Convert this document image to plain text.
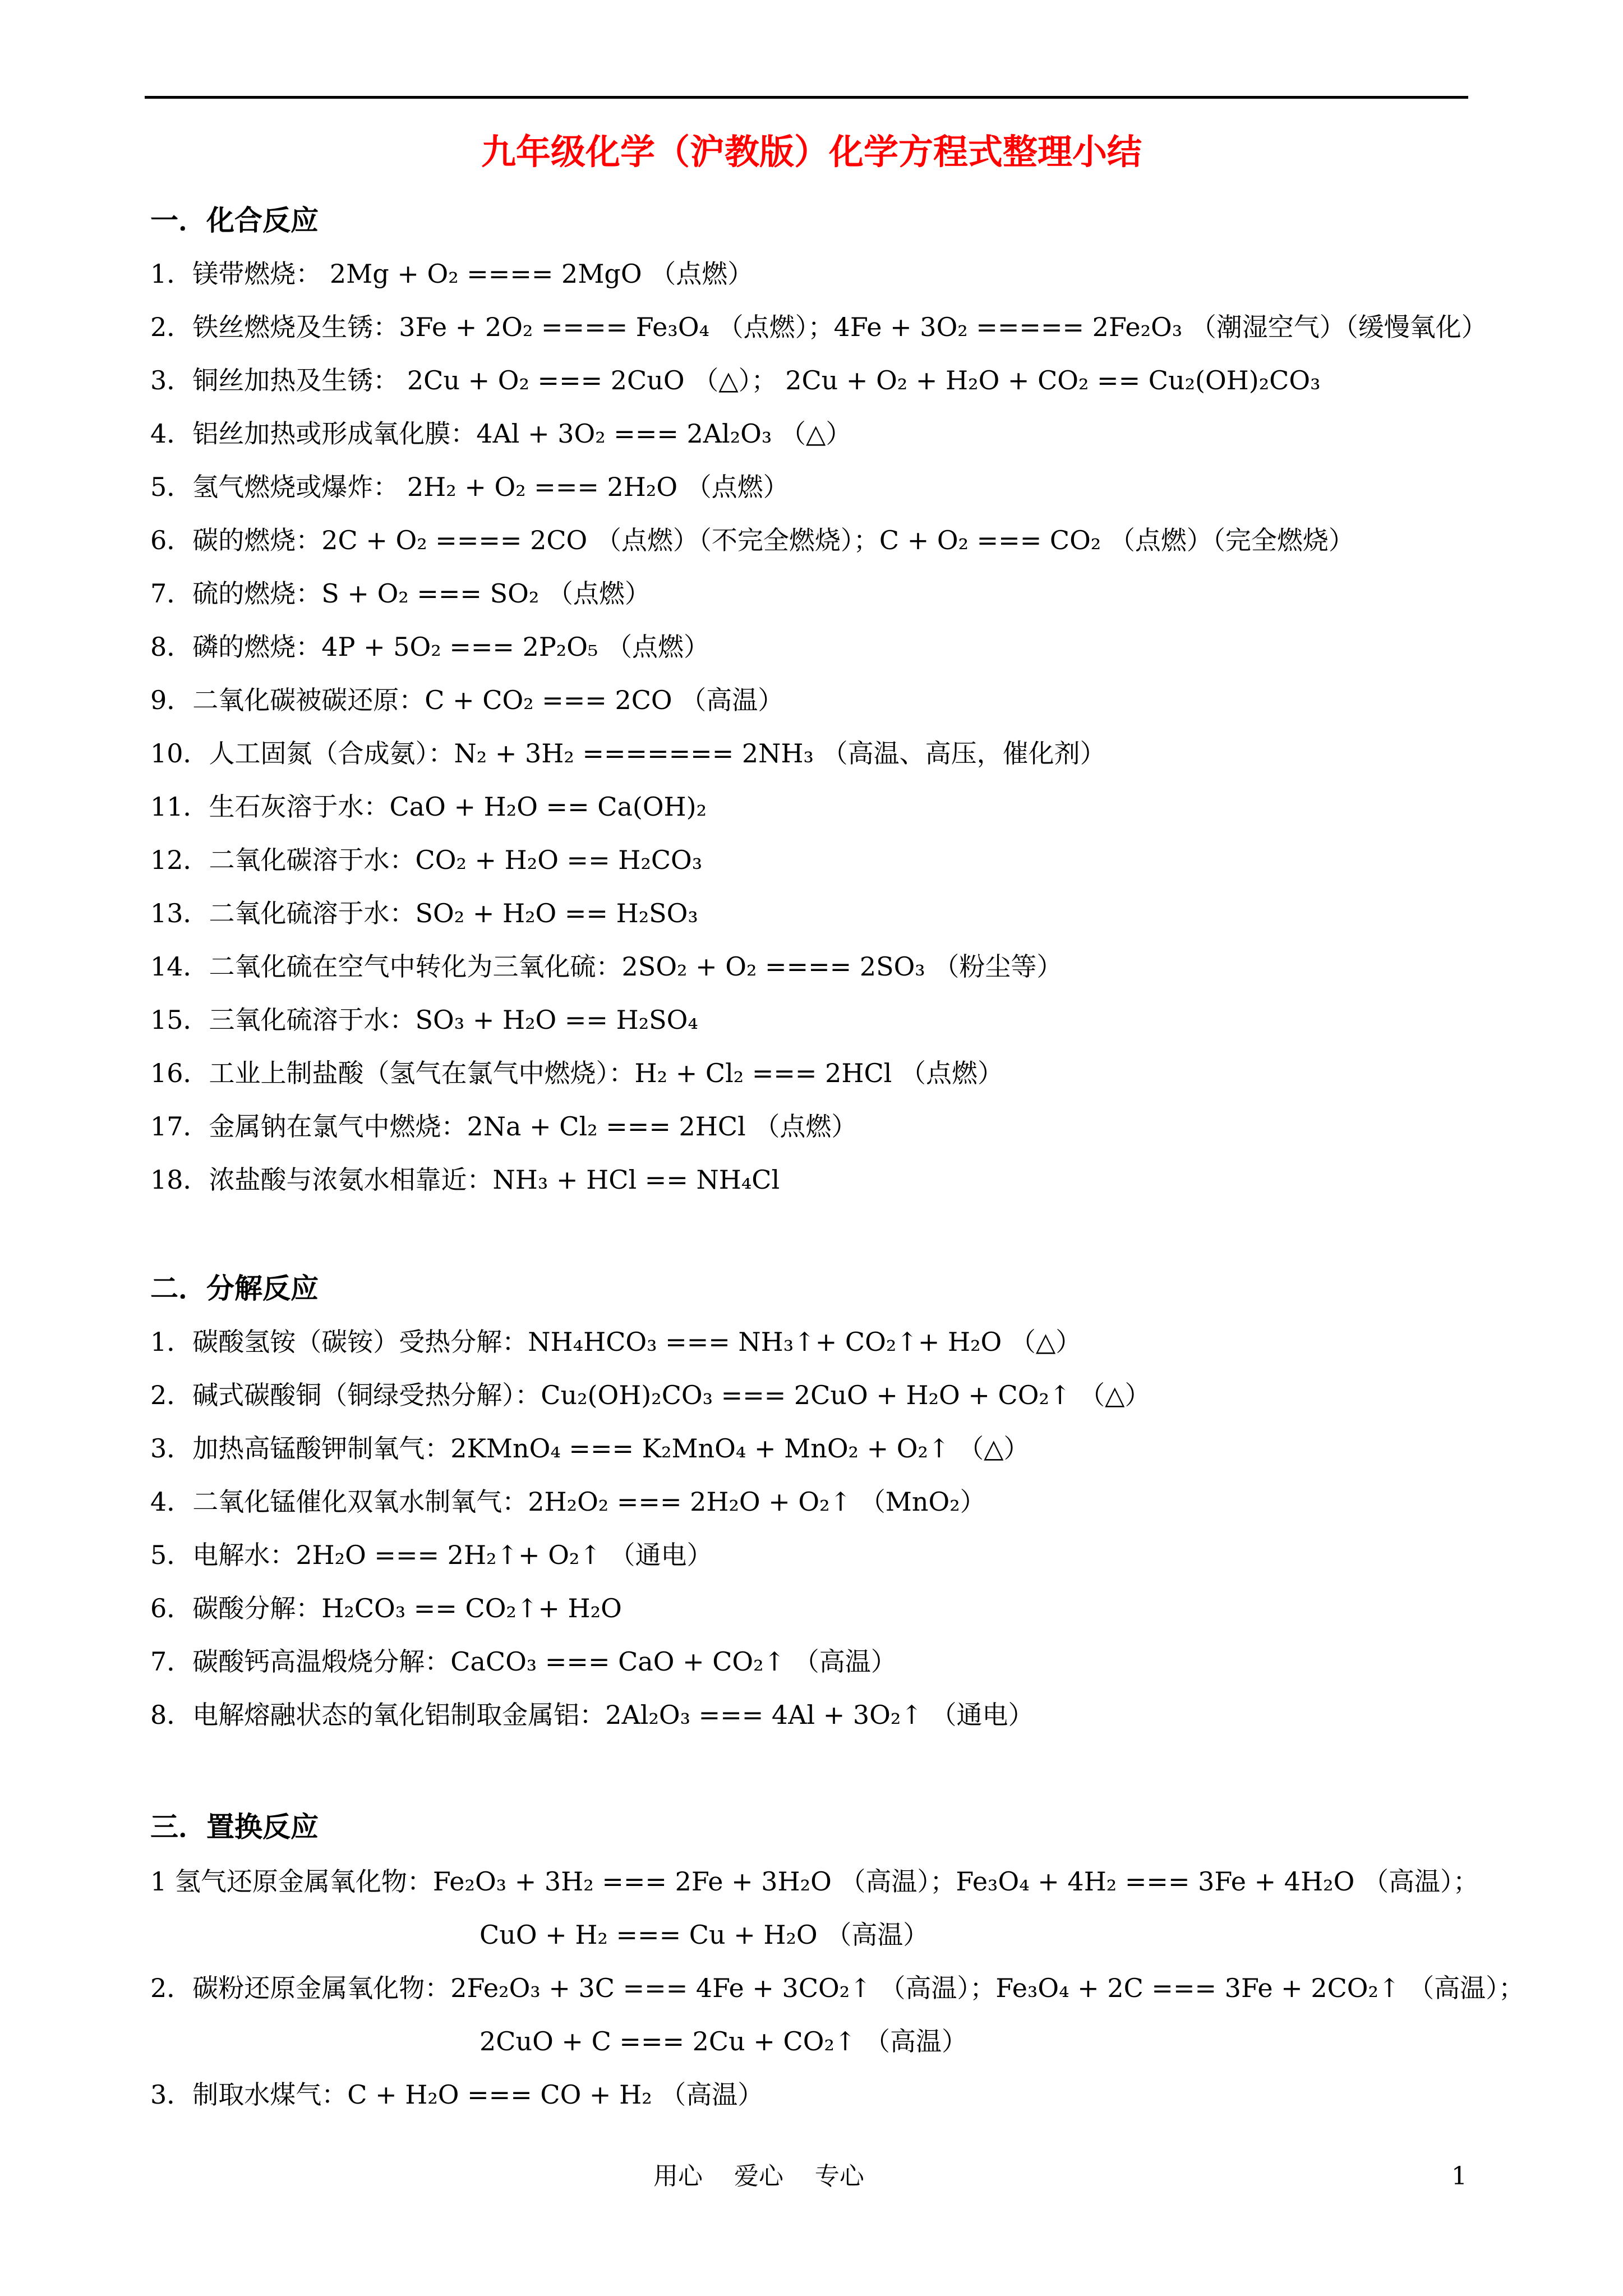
九年级化学（沪教版）化学方程式整理小结
一．化合反应
1．镁带燃烧： 2Mg + O₂ ==== 2MgO （点燃）
2．铁丝燃烧及生锈：3Fe + 2O₂ ==== Fe₃O₄ （点燃）；4Fe + 3O₂ ===== 2Fe₂O₃ （潮湿空气）（缓慢氧化）
3．铜丝加热及生锈： 2Cu + O₂ === 2CuO （△）； 2Cu + O₂ + H₂O + CO₂ == Cu₂(OH)₂CO₃
4．铝丝加热或形成氧化膜：4Al + 3O₂ === 2Al₂O₃ （△）
5．氢气燃烧或爆炸： 2H₂ + O₂ === 2H₂O （点燃）
6．碳的燃烧：2C + O₂ ==== 2CO （点燃）（不完全燃烧）；C + O₂ === CO₂ （点燃）（完全燃烧）
7．硫的燃烧：S + O₂ === SO₂ （点燃）
8．磷的燃烧：4P + 5O₂ === 2P₂O₅ （点燃）
9．二氧化碳被碳还原：C + CO₂ === 2CO （高温）
10．人工固氮（合成氨）：N₂ + 3H₂ ======= 2NH₃ （高温、高压，催化剂）
11．生石灰溶于水：CaO + H₂O == Ca(OH)₂
12．二氧化碳溶于水：CO₂ + H₂O == H₂CO₃
13．二氧化硫溶于水：SO₂ + H₂O == H₂SO₃
14．二氧化硫在空气中转化为三氧化硫：2SO₂ + O₂ ==== 2SO₃ （粉尘等）
15．三氧化硫溶于水：SO₃ + H₂O == H₂SO₄
16．工业上制盐酸（氢气在氯气中燃烧）：H₂ + Cl₂ === 2HCl （点燃）
17．金属钠在氯气中燃烧：2Na + Cl₂ === 2HCl （点燃）
18．浓盐酸与浓氨水相靠近：NH₃ + HCl == NH₄Cl
二．分解反应
1．碳酸氢铵（碳铵）受热分解：NH₄HCO₃ === NH₃↑+ CO₂↑+ H₂O （△）
2．碱式碳酸铜（铜绿受热分解）：Cu₂(OH)₂CO₃ === 2CuO + H₂O + CO₂↑ （△）
3．加热高锰酸钾制氧气：2KMnO₄ === K₂MnO₄ + MnO₂ + O₂↑ （△）
4．二氧化锰催化双氧水制氧气：2H₂O₂ === 2H₂O + O₂↑ （MnO₂）
5．电解水：2H₂O === 2H₂↑+ O₂↑ （通电）
6．碳酸分解：H₂CO₃ == CO₂↑+ H₂O
7．碳酸钙高温煅烧分解：CaCO₃ === CaO + CO₂↑ （高温）
8．电解熔融状态的氧化铝制取金属铝：2Al₂O₃ === 4Al + 3O₂↑ （通电）
三．置换反应
1 氢气还原金属氧化物：Fe₂O₃ + 3H₂ === 2Fe + 3H₂O （高温）；Fe₃O₄ + 4H₂ === 3Fe + 4H₂O （高温）；
CuO + H₂ === Cu + H₂O （高温）
2．碳粉还原金属氧化物：2Fe₂O₃ + 3C === 4Fe + 3CO₂↑ （高温）；Fe₃O₄ + 2C === 3Fe + 2CO₂↑ （高温）；
2CuO + C === 2Cu + CO₂↑ （高温）
3．制取水煤气：C + H₂O === CO + H₂ （高温）
用心    爱心    专心	1
